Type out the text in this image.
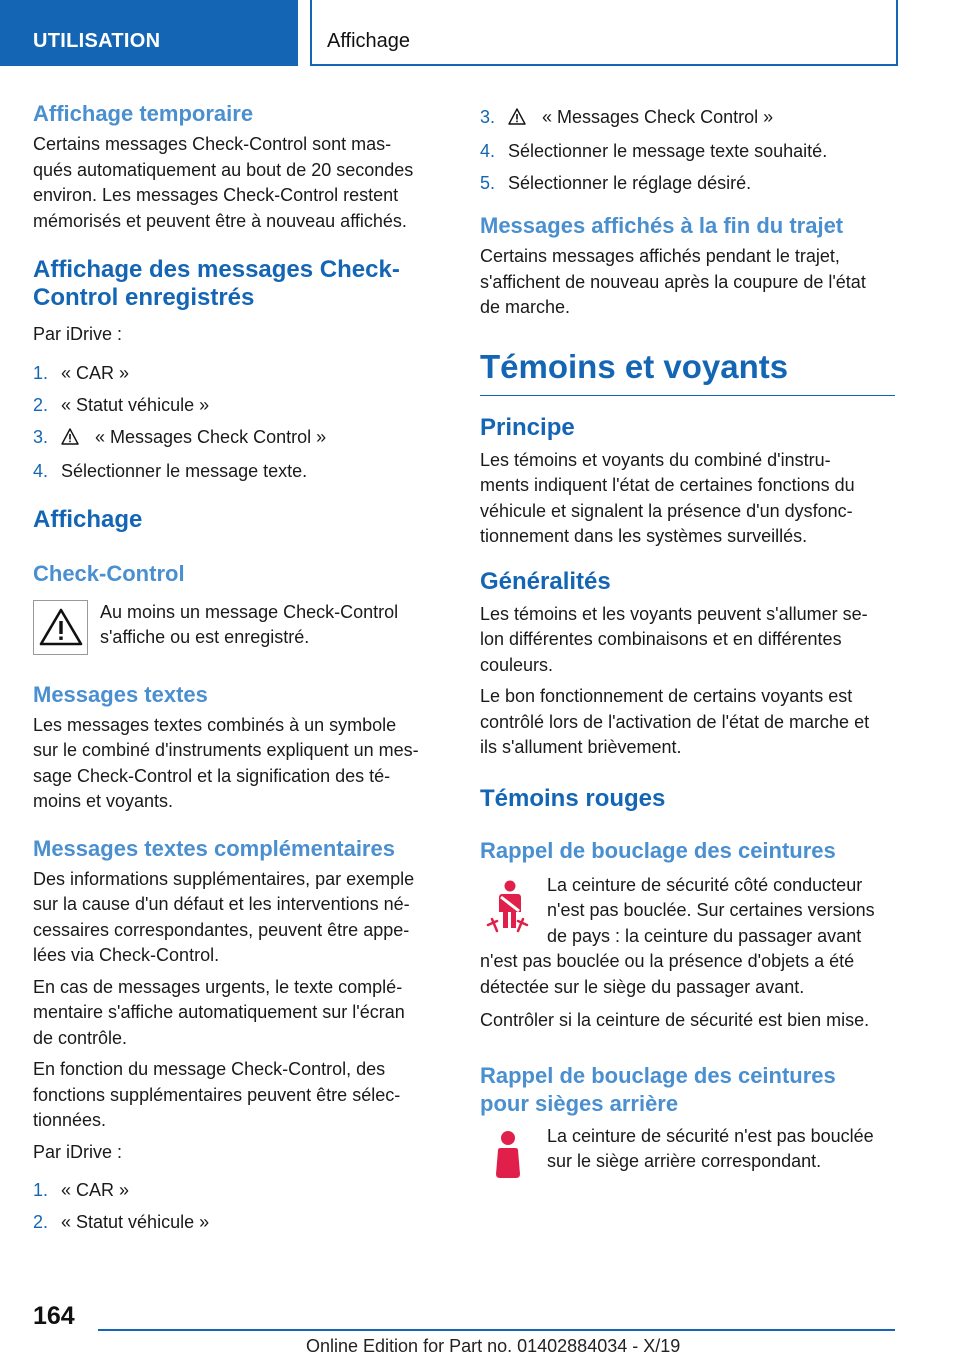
UTILISATION	Affichage
Affichage temporaire

Certains messages Check-Control sont mas-
qués automatiquement au bout de 20 secondes
environ. Les messages Check-Control restent
mémorisés et peuvent être à nouveau affichés.

Affichage des messages Check-
Control enregistrés

Par iDrive :

1. « CAR »
2. « Statut véhicule »
3.	« Messages Check Control »
4. Sélectionner le message texte.
Affichage
Check-Control

Au moins un message Check-Control
s'affiche ou est enregistré.

Messages textes

Les messages textes combinés à un symbole
sur le combiné d'instruments expliquent un mes-
sage Check-Control et la signification des té-
moins et voyants.

Messages textes complémentaires

Des informations supplémentaires, par exemple
sur la cause d'un défaut et les interventions né-
cessaires correspondantes, peuvent être appe-
lées via Check-Control.

En cas de messages urgents, le texte complé-
mentaire s'affiche automatiquement sur l'écran
de contrôle.

En fonction du message Check-Control, des
fonctions supplémentaires peuvent être sélec-
tionnées.

Par iDrive :

1. « CAR »
2. « Statut véhicule »
3.	« Messages Check Control »
4. Sélectionner le message texte souhaité.
5. Sélectionner le réglage désiré.
Messages affichés à la fin du trajet

Certains messages affichés pendant le trajet,
s'affichent de nouveau après la coupure de l'état
de marche.

Témoins et voyants
Principe

Les témoins et voyants du combiné d'instru-
ments indiquent l'état de certaines fonctions du
véhicule et signalent la présence d'un dysfonc-
tionnement dans les systèmes surveillés.

Généralités

Les témoins et les voyants peuvent s'allumer se-
lon différentes combinaisons et en différentes
couleurs.

Le bon fonctionnement de certains voyants est
contrôlé lors de l'activation de l'état de marche et
ils s'allument brièvement.

Témoins rouges
Rappel de bouclage des ceintures

La ceinture de sécurité côté conducteur
n'est pas bouclée. Sur certaines versions
de pays : la ceinture du passager avant

n'est pas bouclée ou la présence d'objets a été
détectée sur le siège du passager avant.

Contrôler si la ceinture de sécurité est bien mise.

Rappel de bouclage des ceintures
pour sièges arrière

La ceinture de sécurité n'est pas bouclée
sur le siège arrière correspondant.

164
Online Edition for Part no. 01402884034 - X/19
